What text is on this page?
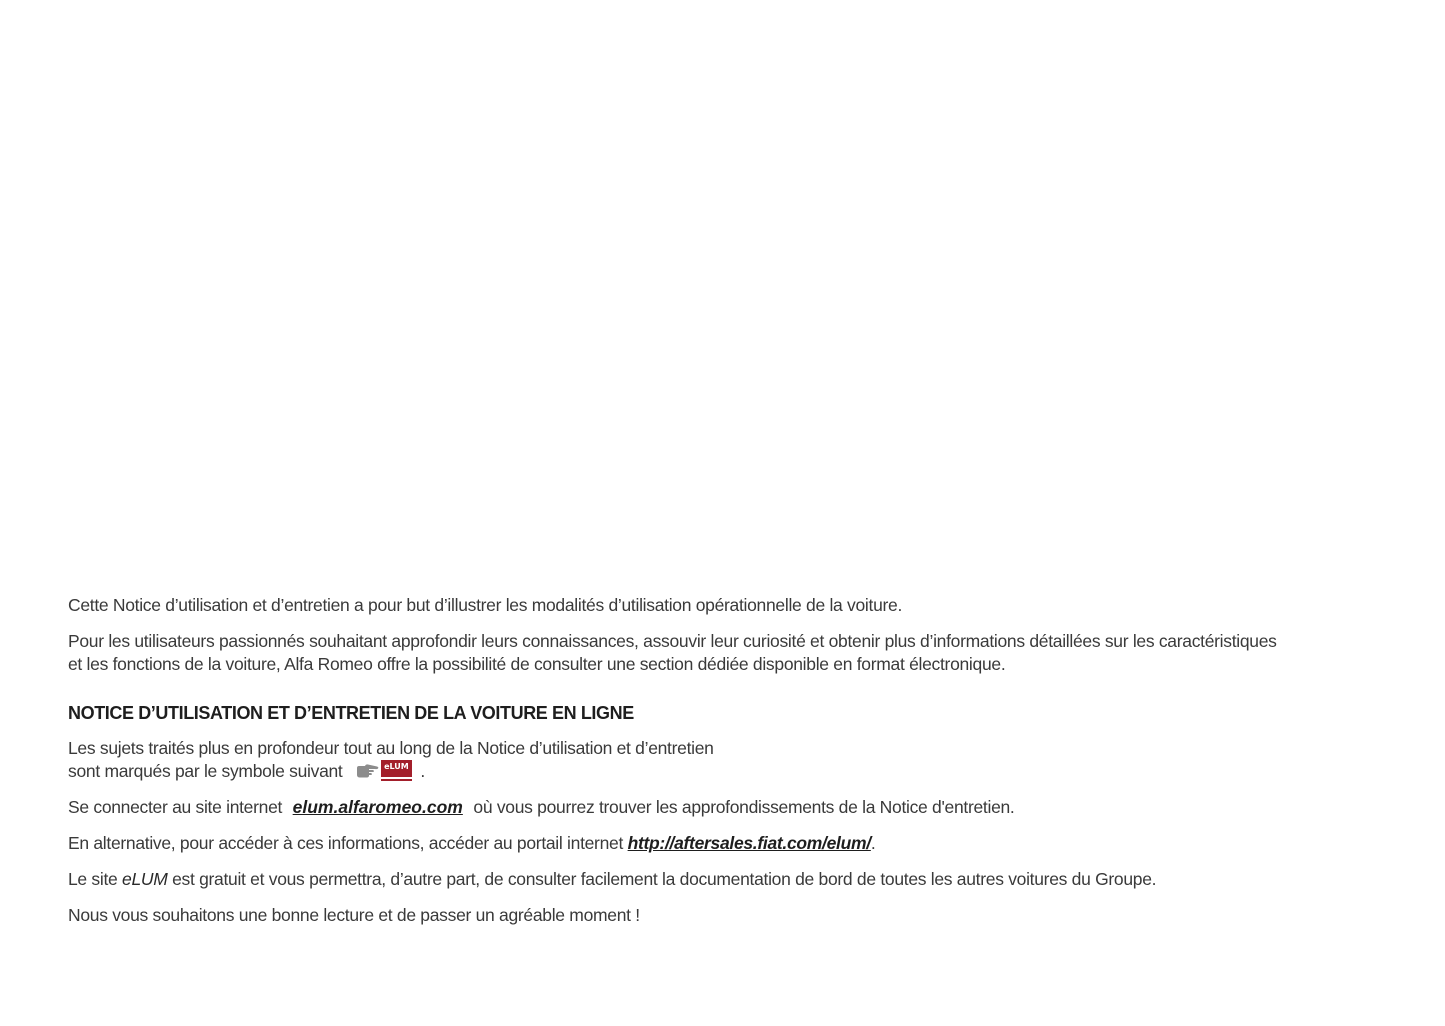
Cette Notice d’utilisation et d’entretien a pour but d’illustrer les modalités d’utilisation opérationnelle de la voiture.

Pour les utilisateurs passionnés souhaitant approfondir leurs connaissances, assouvir leur curiosité et obtenir plus d’informations détaillées sur les caractéristiques
et les fonctions de la voiture, Alfa Romeo offre la possibilité de consulter une section dédiée disponible en format électronique.

NOTICE D’UTILISATION ET D’ENTRETIEN DE LA VOITURE EN LIGNE

Les sujets traités plus en profondeur tout au long de la Notice d’utilisation et d’entretien
sont marqués par le symbole suivant	eLUM .

Se connecter au site internet elum.alfaromeo.com où vous pourrez trouver les approfondissements de la Notice d'entretien.

En alternative, pour accéder à ces informations, accéder au portail internet http://aftersales.fiat.com/elum/.

Le site eLUM est gratuit et vous permettra, d’autre part, de consulter facilement la documentation de bord de toutes les autres voitures du Groupe.

Nous vous souhaitons une bonne lecture et de passer un agréable moment !
